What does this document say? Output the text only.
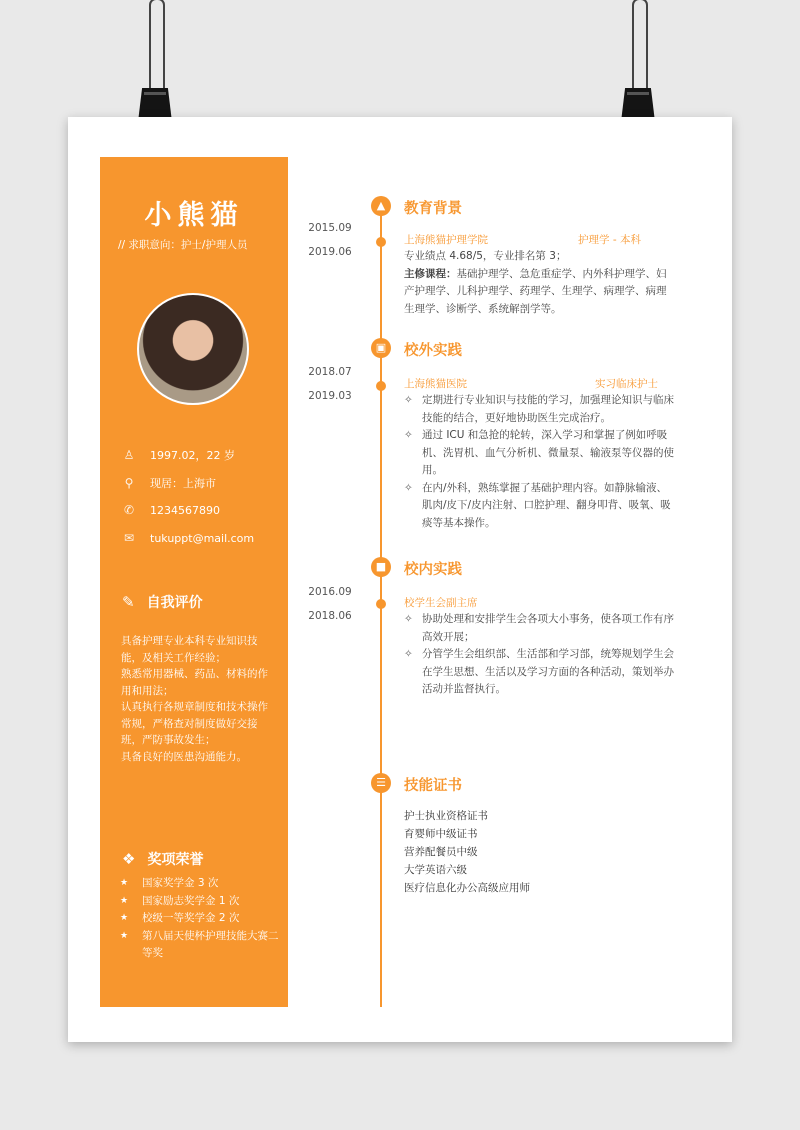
小熊猫
// 求职意向：护士/护理人员
♙	1997.02，22 岁
⚲	现居：上海市
✆	1234567890
✉	tukuppt@mail.com
✎ 自我评价

具备护理专业本科专业知识技能，及相关工作经验；

熟悉常用器械、药品、材料的作用和用法；

认真执行各规章制度和技术操作常规，严格查对制度做好交接班，严防事故发生；

具备良好的医患沟通能力。

❖ 奖项荣誉
★	国家奖学金 3 次
★	国家励志奖学金 1 次
★	校级一等奖学金 2 次
★	第八届天使杯护理技能大赛二等奖
▲	教育背景
2015.09
2019.06
上海熊猫护理学院	护理学 - 本科

专业绩点 4.68/5，专业排名第 3；

主修课程：基础护理学、急危重症学、内外科护理学、妇产护理学、儿科护理学、药理学、生理学、病理学、病理生理学、诊断学、系统解剖学等。

▣	校外实践
2018.07
2019.03
上海熊猫医院	实习临床护士
✧ 定期进行专业知识与技能的学习，加强理论知识与临床技能的结合，更好地协助医生完成治疗。
✧ 通过 ICU 和急抢的轮转，深入学习和掌握了例如呼吸机、洗胃机、血气分析机、微量泵、输液泵等仪器的使用。
✧ 在内/外科，熟练掌握了基础护理内容。如静脉输液、肌肉/皮下/皮内注射、口腔护理、翻身叩背、吸氧、吸痰等基本操作。
■	校内实践
2016.09
2018.06
校学生会副主席
✧ 协助处理和安排学生会各项大小事务，使各项工作有序高效开展；
✧ 分管学生会组织部、生活部和学习部，统筹规划学生会在学生思想、生活以及学习方面的各种活动，策划举办活动并监督执行。
☰	技能证书
护士执业资格证书
育婴师中级证书
营养配餐员中级
大学英语六级
医疗信息化办公高级应用师
